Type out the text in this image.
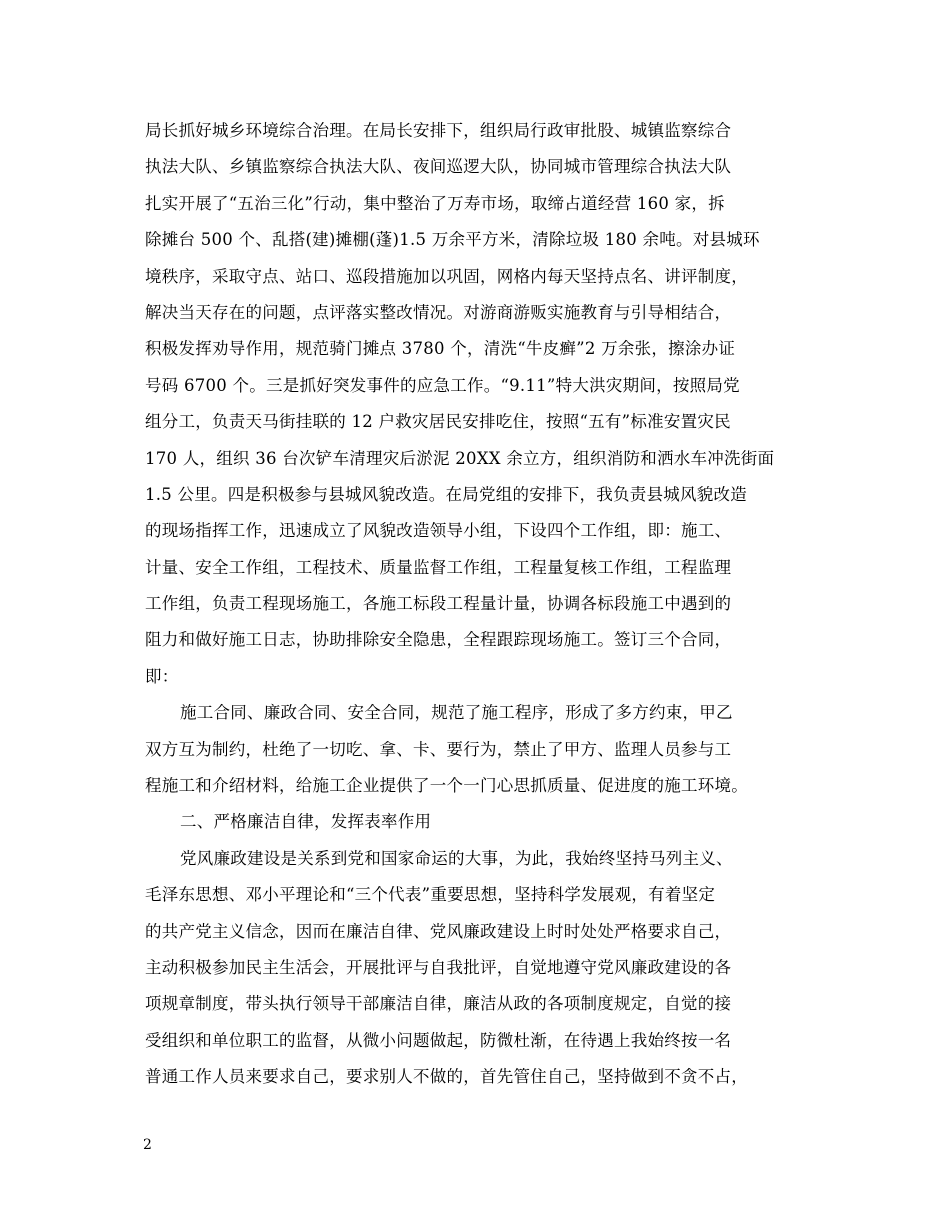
局长抓好城乡环境综合治理。在局长安排下，组织局行政审批股、城镇监察综合
执法大队、乡镇监察综合执法大队、夜间巡逻大队，协同城市管理综合执法大队
扎实开展了“五治三化”行动，集中整治了万寿市场，取缔占道经营 160 家，拆
除摊台 500 个、乱搭(建)摊棚(蓬)1.5 万余平方米，清除垃圾 180 余吨。对县城环
境秩序，采取守点、站口、巡段措施加以巩固，网格内每天坚持点名、讲评制度，
解决当天存在的问题，点评落实整改情况。对游商游贩实施教育与引导相结合，
积极发挥劝导作用，规范骑门摊点 3780 个，清洗“牛皮癣”2 万余张，擦涂办证
号码 6700 个。三是抓好突发事件的应急工作。“9.11”特大洪灾期间，按照局党
组分工，负责天马街挂联的 12 户救灾居民安排吃住，按照“五有”标准安置灾民
170 人，组织 36 台次铲车清理灾后淤泥 20XX 余立方，组织消防和洒水车冲洗街面
1.5 公里。四是积极参与县城风貌改造。在局党组的安排下，我负责县城风貌改造
的现场指挥工作，迅速成立了风貌改造领导小组，下设四个工作组，即：施工、
计量、安全工作组，工程技术、质量监督工作组，工程量复核工作组，工程监理
工作组，负责工程现场施工，各施工标段工程量计量，协调各标段施工中遇到的
阻力和做好施工日志，协助排除安全隐患，全程跟踪现场施工。签订三个合同，
即：
施工合同、廉政合同、安全合同，规范了施工程序，形成了多方约束，甲乙
双方互为制约，杜绝了一切吃、拿、卡、要行为，禁止了甲方、监理人员参与工
程施工和介绍材料，给施工企业提供了一个一门心思抓质量、促进度的施工环境。
二、严格廉洁自律，发挥表率作用
党风廉政建设是关系到党和国家命运的大事，为此，我始终坚持马列主义、
毛泽东思想、邓小平理论和“三个代表”重要思想，坚持科学发展观，有着坚定
的共产党主义信念，因而在廉洁自律、党风廉政建设上时时处处严格要求自己，
主动积极参加民主生活会，开展批评与自我批评，自觉地遵守党风廉政建设的各
项规章制度，带头执行领导干部廉洁自律，廉洁从政的各项制度规定，自觉的接
受组织和单位职工的监督，从微小问题做起，防微杜渐，在待遇上我始终按一名
普通工作人员来要求自己，要求别人不做的，首先管住自己，坚持做到不贪不占，
2
